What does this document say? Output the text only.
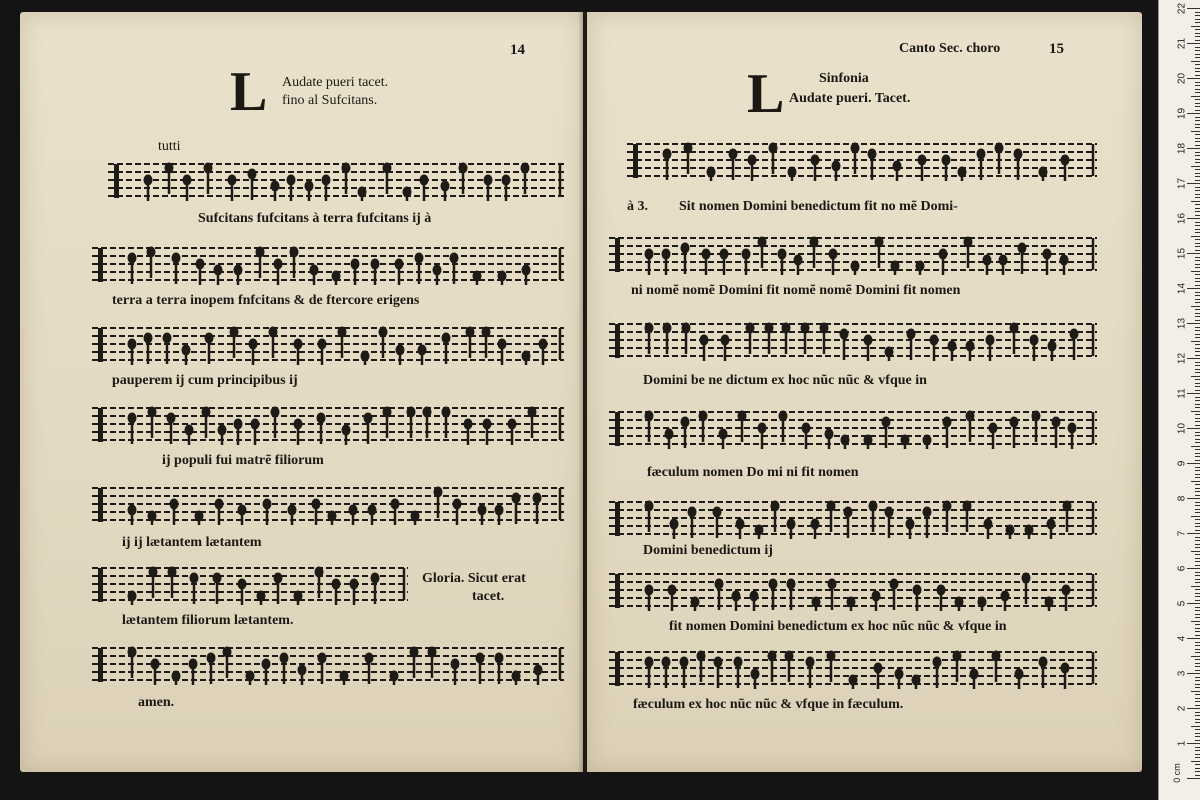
14
L Audate pueri tacet.
fino al Sufcitans.
tutti
Sufcitans fufcitans à terra fufcitans ij à
terra a terra inopem fnfcitans & de ftercore erigens
pauperem ij cum principibus ij
ij populi fui matrẽ filiorum
ij ij lætantem lætantem
Gloria. Sicut erat
tacet.
lætantem filiorum lætantem.
amen.
Canto Sec. choro	15
L Sinfonia
Audate pueri. Tacet.
à 3. Sit nomen Domini benedictum fit no mẽ Domi-
ni nomẽ nomẽ Domini fit nomẽ nomẽ Domini fit nomen
Domini be ne dictum ex hoc nũc nũc & vfque in
fæculum nomen Do mi ni fit nomen
Domini benedictum ij
fit nomen Domini benedictum ex hoc nũc nũc & vfque in
fæculum ex hoc nũc nũc & vfque in fæculum.
0 cm
1
2
3
4
5
6
7
8
9
10
11
12
13
14
15
16
17
18
19
20
21
22
